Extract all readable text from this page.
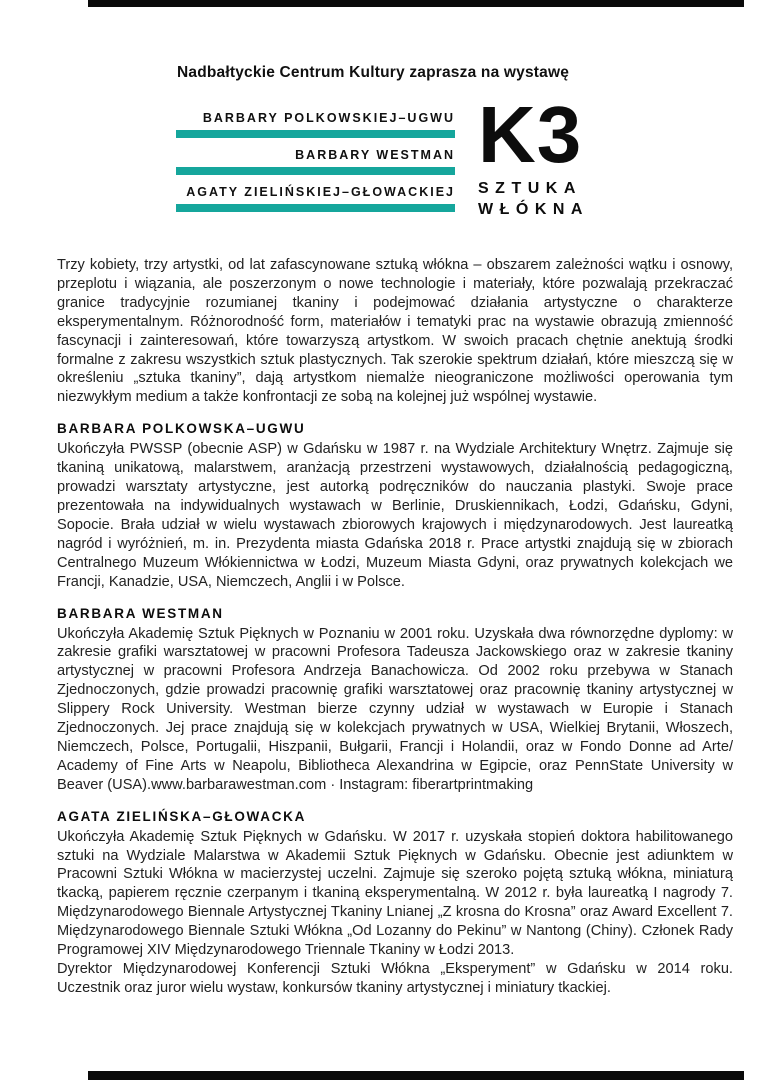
Nadbałtyckie Centrum Kultury zaprasza na wystawę
BARBARY POLKOWSKIEJ–UGWU
BARBARY WESTMAN
AGATY ZIELIŃSKIEJ–GŁOWACKIEJ
K3
SZTUKA
WŁÓKNA

Trzy kobiety, trzy artystki, od lat zafascynowane sztuką włókna – obszarem zależności wątku i osnowy, przeplotu i wiązania, ale poszerzonym o nowe technologie i materiały, które pozwalają przekraczać granice tradycyjnie rozumianej tkaniny i podejmować działania artystyczne o charakterze eksperymentalnym. Różnorodność form, materiałów i tematyki prac na wystawie obrazują zmienność fascynacji i zainteresowań, które towarzyszą artystkom. W swoich pracach chętnie anektują środki formalne z zakresu wszystkich sztuk plastycznych. Tak szerokie spektrum działań, które mieszczą się w określeniu „sztuka tkaniny”, dają artystkom niemalże nieograniczone możliwości operowania tym niezwykłym medium a także konfrontacji ze sobą na kolejnej już wspólnej wystawie.

BARBARA POLKOWSKA–UGWU

Ukończyła PWSSP (obecnie ASP) w Gdańsku w 1987 r. na Wydziale Architektury Wnętrz. Zajmuje się tkaniną unikatową, malarstwem, aranżacją przestrzeni wystawowych, działalnością pedagogiczną, prowadzi warsztaty artystyczne, jest autorką podręczników do nauczania plastyki. Swoje prace prezentowała na indywidualnych wystawach w Berlinie, Druskiennikach, Łodzi, Gdańsku, Gdyni, Sopocie. Brała udział w wielu wystawach zbiorowych krajowych i międzynarodowych. Jest laureatką nagród i wyróżnień, m. in. Prezydenta miasta Gdańska 2018 r. Prace artystki znajdują się w zbiorach Centralnego Muzeum Włókiennictwa w Łodzi, Muzeum Miasta Gdyni, oraz prywatnych kolekcjach we Francji, Kanadzie, USA, Niemczech, Anglii i w Polsce.

BARBARA WESTMAN

Ukończyła Akademię Sztuk Pięknych w Poznaniu w 2001 roku. Uzyskała dwa równorzędne dyplomy: w zakresie grafiki warsztatowej w pracowni Profesora Tadeusza Jackowskiego oraz w zakresie tkaniny artystycznej w pracowni Profesora Andrzeja Banachowicza. Od 2002 roku przebywa w Stanach Zjednoczonych, gdzie prowadzi pracownię grafiki warsztatowej oraz pracownię tkaniny artystycznej w Slippery Rock University. Westman bierze czynny udział w wystawach w Europie i Stanach Zjednoczonych. Jej prace znajdują się w kolekcjach prywatnych w USA, Wielkiej Brytanii, Włoszech, Niemczech, Polsce, Portugalii, Hiszpanii, Bułgarii, Francji i Holandii, oraz w Fondo Donne ad Arte/ Academy of Fine Arts w Neapolu, Bibliotheca Alexandrina w Egipcie, oraz PennState University w Beaver (USA).www.barbarawestman.com · Instagram: fiberartprintmaking

AGATA ZIELIŃSKA–GŁOWACKA

Ukończyła Akademię Sztuk Pięknych w Gdańsku. W 2017 r. uzyskała stopień doktora habilitowanego sztuki na Wydziale Malarstwa w Akademii Sztuk Pięknych w Gdańsku. Obecnie jest adiunktem w Pracowni Sztuki Włókna w macierzystej uczelni. Zajmuje się szeroko pojętą sztuką włókna, miniaturą tkacką, papierem ręcznie czerpanym i tkaniną eksperymentalną. W 2012 r. była laureatką I nagrody 7. Międzynarodowego Biennale Artystycznej Tkaniny Lnianej „Z krosna do Krosna” oraz Award Excellent 7. Międzynarodowego Biennale Sztuki Włókna „Od Lozanny do Pekinu” w Nantong (Chiny). Członek Rady Programowej XIV Międzynarodowego Triennale Tkaniny w Łodzi 2013.

Dyrektor Międzynarodowej Konferencji Sztuki Włókna „Eksperyment” w Gdańsku w 2014 roku. Uczestnik oraz juror wielu wystaw, konkursów tkaniny artystycznej i miniatury tkackiej.
